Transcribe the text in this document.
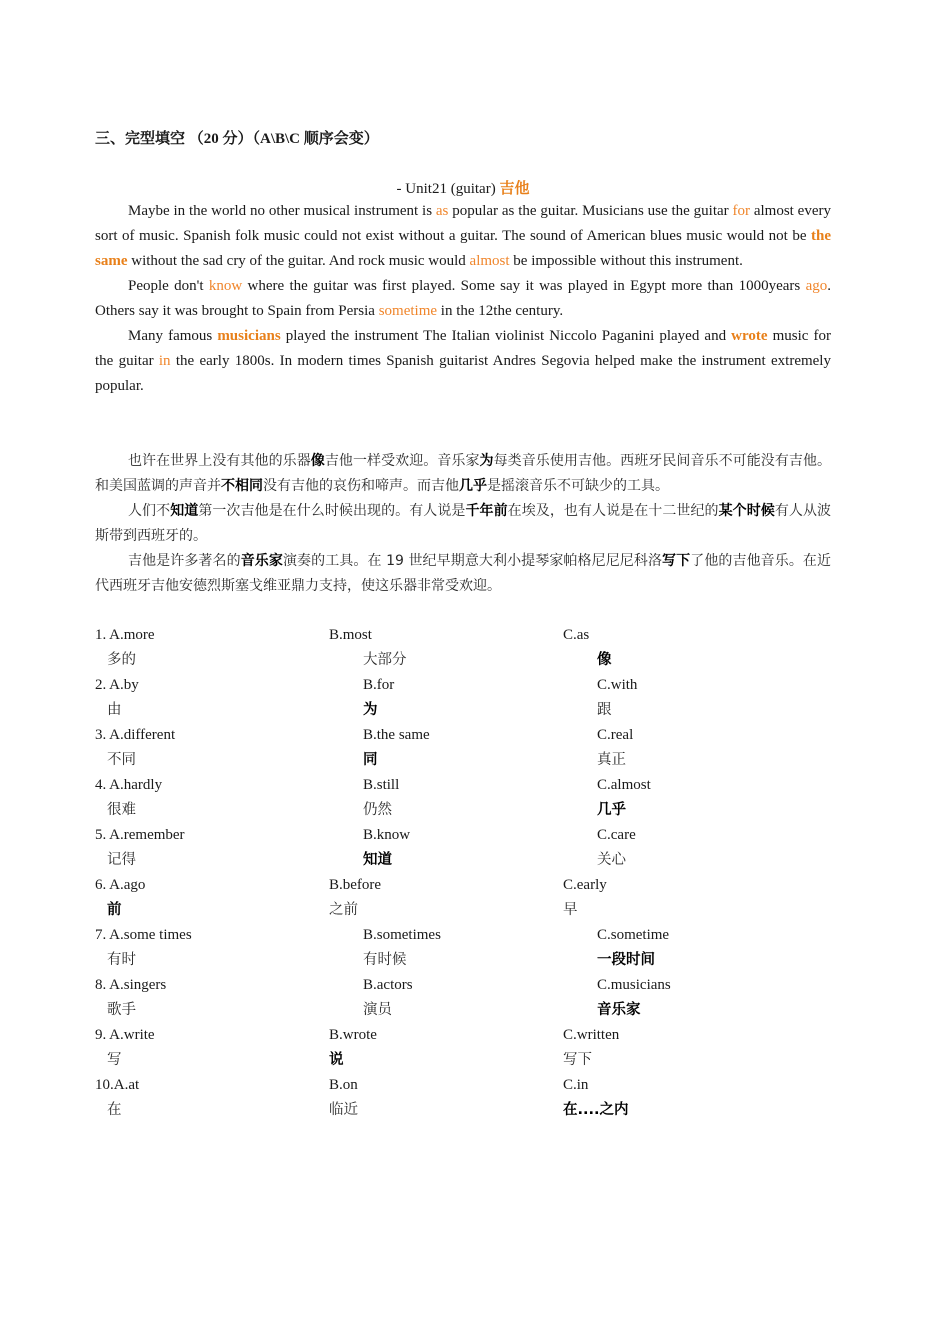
三、完型填空 （20 分）（A\B\C 顺序会变）
- Unit21 (guitar) 吉他

Maybe in the world no other musical instrument is as popular as the guitar. Musicians use the guitar for almost every sort of music. Spanish folk music could not exist without a guitar. The sound of American blues music would not be the same without the sad cry of the guitar. And rock music would almost be impossible without this instrument.

People don't know where the guitar was first played. Some say it was played in Egypt more than 1000years ago. Others say it was brought to Spain from Persia sometime in the 12the century.

Many famous musicians played the instrument The Italian violinist Niccolo Paganini played and wrote music for the guitar in the early 1800s. In modern times Spanish guitarist Andres Segovia helped make the instrument extremely popular.

也许在世界上没有其他的乐器像吉他一样受欢迎。音乐家为每类音乐使用吉他。西班牙民间音乐不可能没有吉他。和美国蓝调的声音并不相同没有吉他的哀伤和啼声。而吉他几乎是摇滚音乐不可缺少的工具。

人们不知道第一次吉他是在什么时候出现的。有人说是千年前在埃及，也有人说是在十二世纪的某个时候有人从波斯带到西班牙的。

吉他是许多著名的音乐家演奏的工具。在 19 世纪早期意大利小提琴家帕格尼尼尼科洛写下了他的吉他音乐。在近代西班牙吉他安德烈斯塞戈维亚鼎力支持，使这乐器非常受欢迎。

1. A.more
多的
B.most
大部分
C.as
像
2. A.by
由
B.for
为
C.with
跟
3. A.different
不同
B.the same
同
C.real
真正
4. A.hardly
很难
B.still
仍然
C.almost
几乎
5. A.remember
记得
B.know
知道
C.care
关心
6. A.ago
前
B.before
之前
C.early
早
7. A.some times
有时
B.sometimes
有时候
C.sometime
一段时间
8. A.singers
歌手
B.actors
演员
C.musicians
音乐家
9. A.write
写
B.wrote
说
C.written
写下
10.A.at
在
B.on
临近
C.in
在....之内
